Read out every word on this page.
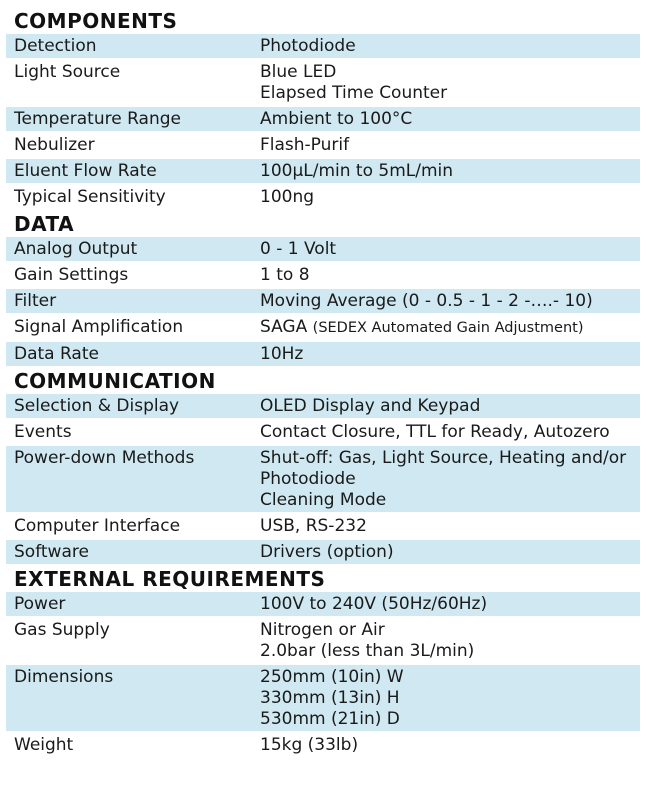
COMPONENTS
Detection	Photodiode
Light Source	Blue LED
Elapsed Time Counter
Temperature Range	Ambient to 100°C
Nebulizer	Flash-Purif
Eluent Flow Rate	100µL/min to 5mL/min
Typical Sensitivity	100ng
DATA
Analog Output	0 - 1 Volt
Gain Settings	1 to 8
Filter	Moving Average (0 - 0.5 - 1 - 2 -….- 10)
Signal Amplification	SAGA (SEDEX Automated Gain Adjustment)
Data Rate	10Hz
COMMUNICATION
Selection & Display	OLED Display and Keypad
Events	Contact Closure, TTL for Ready, Autozero
Power-down Methods	Shut-off: Gas, Light Source, Heating and/or
Photodiode
Cleaning Mode
Computer Interface	USB, RS-232
Software	Drivers (option)
EXTERNAL REQUIREMENTS
Power	100V to 240V (50Hz/60Hz)
Gas Supply	Nitrogen or Air
2.0bar (less than 3L/min)
Dimensions	250mm (10in) W
330mm (13in) H
530mm (21in) D
Weight	15kg (33lb)
